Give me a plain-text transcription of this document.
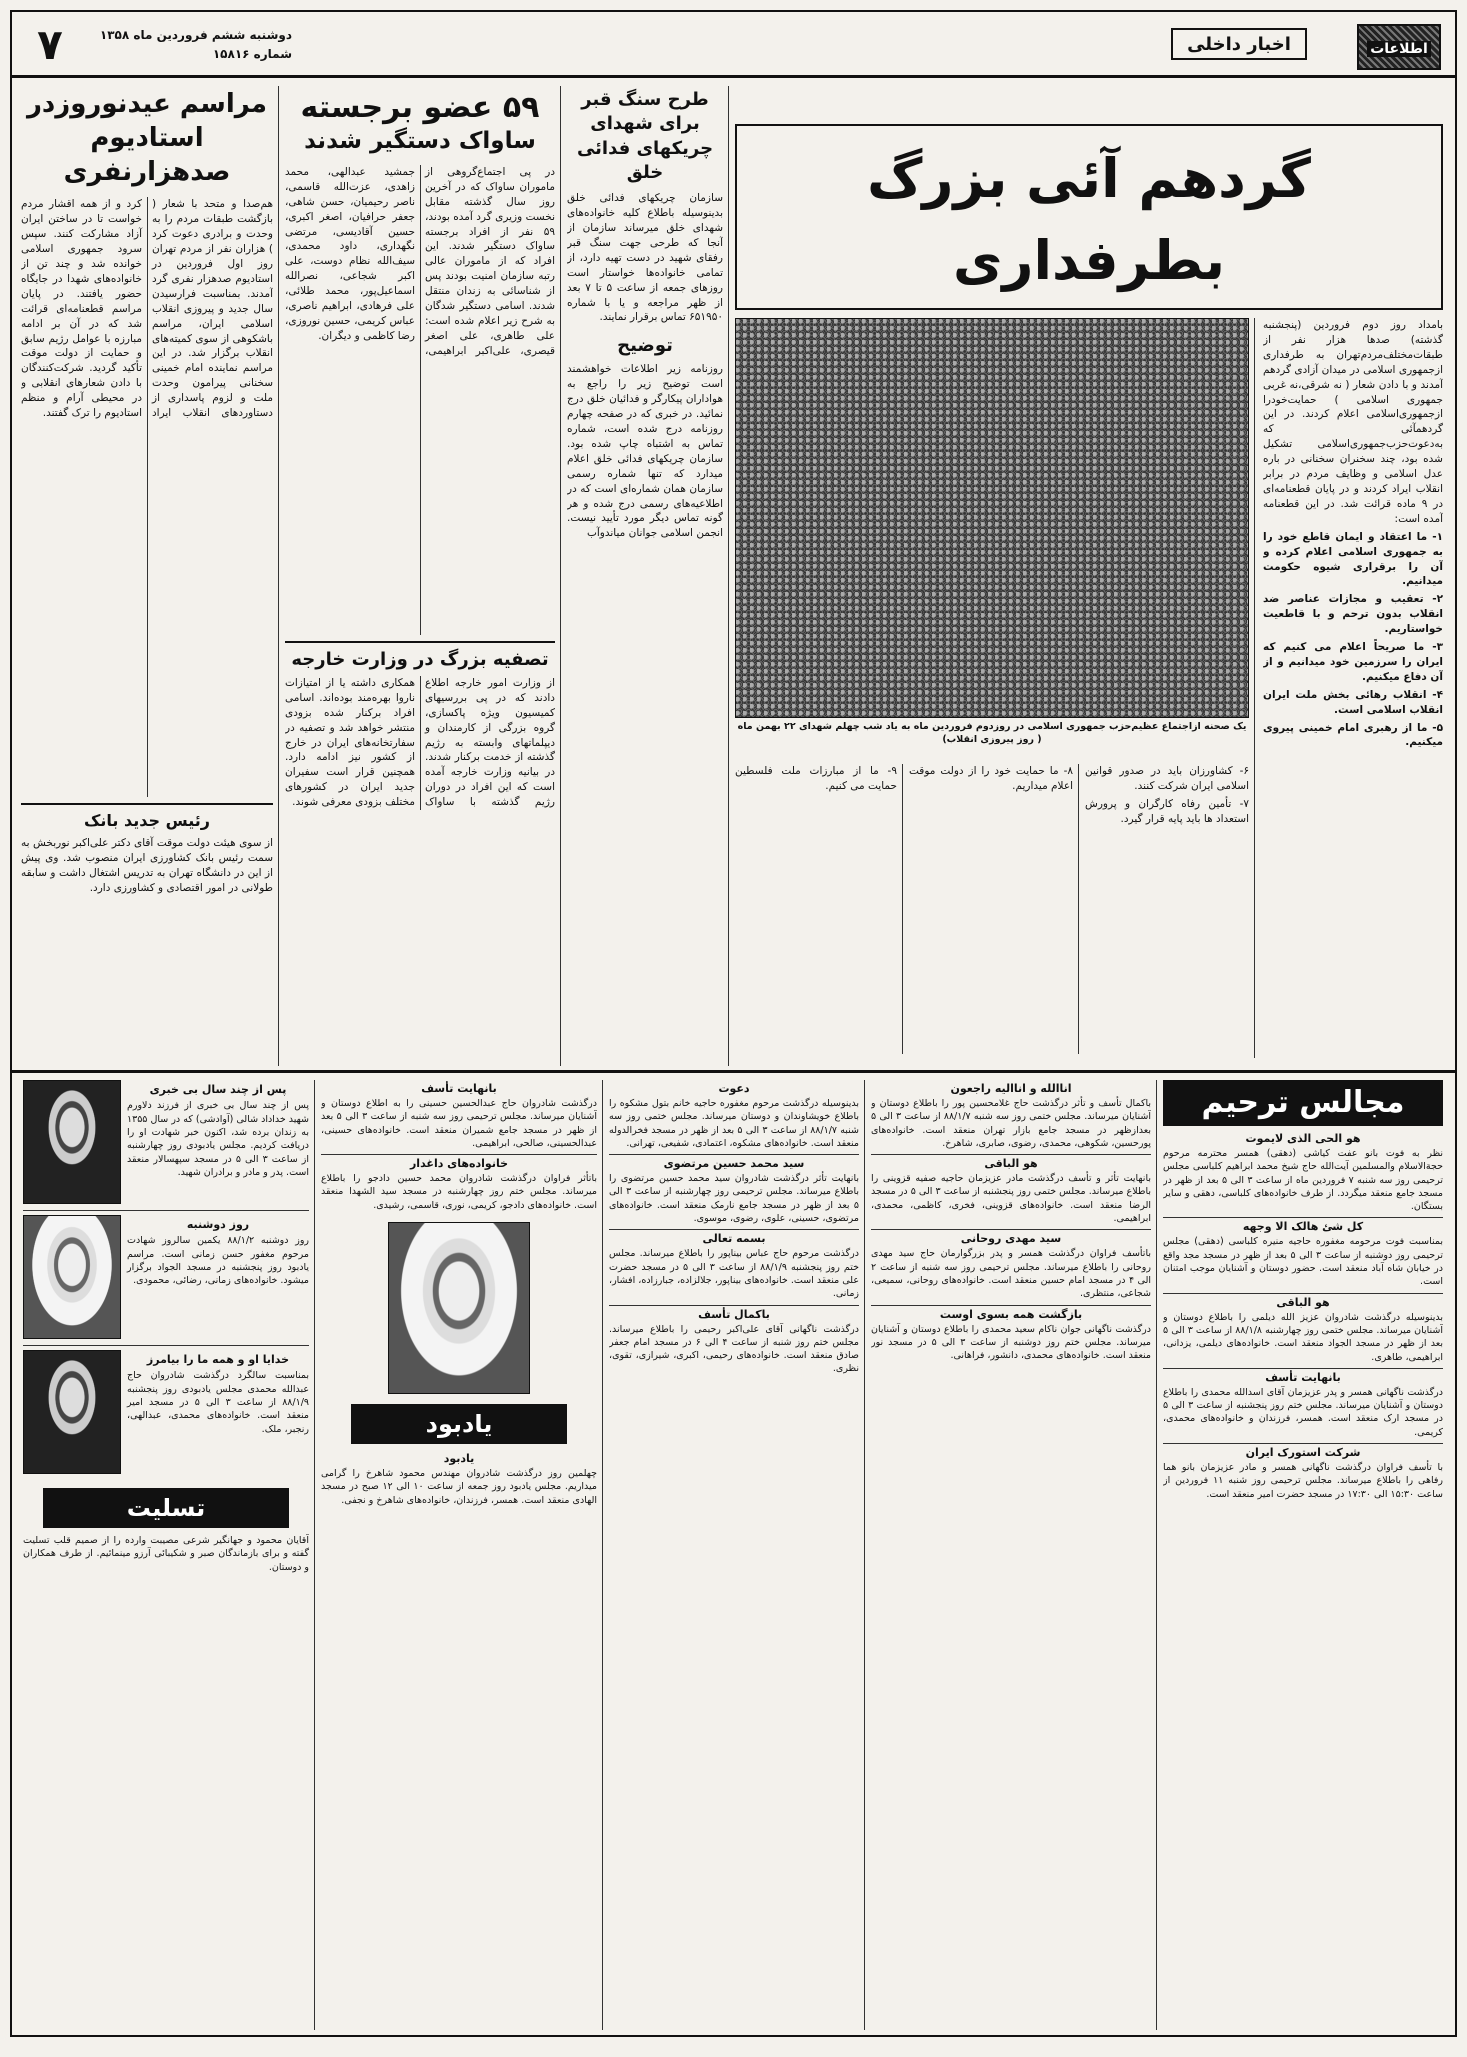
اطلاعات
اخبار داخلی
دوشنبه ششم فروردین ماه ۱۳۵۸ شماره ۱۵۸۱۶
۷
گردهم آئی بزرگ بطرفداری

بامداد روز دوم فروردین (پنجشنبه گذشته) صدها هزار نفر از طبقات‌مختلف‌مردم‌تهران به طرفداری ازجمهوری اسلامی در میدان آزادی گردهم آمدند و با دادن شعار ( نه شرقی،نه غربی جمهوری اسلامی ) حمایت‌خودرا ازجمهوری‌اسلامی اعلام کردند. در این گردهمآئی که به‌دعوت‌حزب‌جمهوری‌اسلامی تشکیل شده بود، چند سخنران سخنانی در باره عدل اسلامی و وظایف مردم در برابر انقلاب ایراد کردند و در پایان قطعنامه‌ای در ۹ ماده قرائت شد. در این قطعنامه آمده است:

۱- ما اعتقاد و ایمان قاطع خود را به جمهوری اسلامی اعلام کرده و آن را برقراری شیوه حکومت میدانیم.

۲- تعقیب و مجازات عناصر ضد انقلاب بدون ترحم و با قاطعیت خواستاریم.

۳- ما صریحاً اعلام می کنیم که ایران را سرزمین خود میدانیم و از آن دفاع میکنیم.

۴- انقلاب رهائی بخش ملت ایران انقلاب اسلامی است.

۵- ما از رهبری امام خمینی پیروی میکنیم.

یک صحنه ازاجتماع عظیم‌حزب جمهوری اسلامی در روزدوم فروردین ماه به یاد شب چهلم شهدای ۲۲ بهمن ماه ( روز پیروزی انقلاب)

۶- کشاورزان باید در صدور قوانین اسلامی ایران شرکت کنند.

۷- تأمین رفاه کارگران و پرورش استعداد ها باید پایه قرار گیرد.

۸- ما حمایت خود را از دولت موقت اعلام میداریم.

۹- ما از مبارزات ملت فلسطین حمایت می کنیم.

طرح سنگ قبر برای شهدای چریکهای فدائی خلق
سازمان چریکهای فدائی خلق بدینوسیله باطلاع کلیه خانواده‌های شهدای خلق میرساند سازمان از آنجا که طرحی جهت سنگ قبر رفقای شهید در دست تهیه دارد، از تمامی خانواده‌ها خواستار است روزهای جمعه از ساعت ۵ تا ۷ بعد از ظهر مراجعه و یا با شماره ۶۵۱۹۵۰ تماس برقرار نمایند.
توضیح
روزنامه زیر اطلاعات خواهشمند است توضیح زیر را راجع به هواداران پیکارگر و فدائیان خلق درج نمائید. در خبری که در صفحه چهارم روزنامه درج شده است، شماره تماس به اشتباه چاپ شده بود. سازمان چریکهای فدائی خلق اعلام میدارد که تنها شماره رسمی سازمان همان شماره‌ای است که در اطلاعیه‌های رسمی درج شده و هر گونه تماس دیگر مورد تأیید نیست. انجمن اسلامی جوانان میاندوآب
۵۹ عضو برجسته
ساواک دستگیر شدند
در پی اجتماع‌گروهی از ماموران ساواک که در آخرین روز سال گذشته مقابل نخست وزیری گرد آمده بودند، ۵۹ نفر از افراد برجسته ساواک دستگیر شدند. این افراد که از ماموران عالی رتبه سازمان امنیت بودند پس از شناسائی به زندان منتقل شدند. اسامی دستگیر شدگان به شرح زیر اعلام شده است: علی طاهری، علی اصغر قیصری، علی‌اکبر ابراهیمی، جمشید عبدالهی، محمد زاهدی، عزت‌الله قاسمی، ناصر رحیمیان، حسن شاهی، جعفر حرافیان، اصغر اکبری، حسین آقادیسی، مرتضی نگهداری، داود محمدی، سیف‌الله نظام دوست، علی اکبر شجاعی، نصرالله اسماعیل‌پور، محمد طلائی، علی فرهادی، ابراهیم ناصری، عباس کریمی، حسین نوروزی، رضا کاظمی و دیگران.
تصفیه بزرگ در وزارت خارجه
از وزارت امور خارجه اطلاع دادند که در پی بررسیهای کمیسیون ویژه پاکسازی، گروه بزرگی از کارمندان و دیپلماتهای وابسته به رژیم گذشته از خدمت برکنار شدند. در بیانیه وزارت خارجه آمده است که این افراد در دوران رژیم گذشته با ساواک همکاری داشته یا از امتیازات ناروا بهره‌مند بوده‌اند. اسامی افراد برکنار شده بزودی منتشر خواهد شد و تصفیه در سفارتخانه‌های ایران در خارج از کشور نیز ادامه دارد. همچنین قرار است سفیران جدید ایران در کشورهای مختلف بزودی معرفی شوند.
مراسم عیدنوروزدر
استادیوم صدهزارنفری
هم‌صدا و متحد با شعار ( بازگشت طبقات مردم را به وحدت و برادری دعوت کرد ) هزاران نفر از مردم تهران روز اول فروردین در استادیوم صدهزار نفری گرد آمدند. بمناسبت فرارسیدن سال جدید و پیروزی انقلاب اسلامی ایران، مراسم باشکوهی از سوی کمیته‌های انقلاب برگزار شد. در این مراسم نماینده امام خمینی سخنانی پیرامون وحدت ملت و لزوم پاسداری از دستاوردهای انقلاب ایراد کرد و از همه اقشار مردم خواست تا در ساختن ایران آزاد مشارکت کنند. سپس سرود جمهوری اسلامی خوانده شد و چند تن از خانواده‌های شهدا در جایگاه حضور یافتند. در پایان مراسم قطعنامه‌ای قرائت شد که در آن بر ادامه مبارزه با عوامل رژیم سابق و حمایت از دولت موقت تأکید گردید. شرکت‌کنندگان با دادن شعارهای انقلابی و در محیطی آرام و منظم استادیوم را ترک گفتند.
رئیس جدید بانک
از سوی هیئت دولت موقت آقای دکتر علی‌اکبر نوربخش به سمت رئیس بانک کشاورزی ایران منصوب شد. وی پیش از این در دانشگاه تهران به تدریس اشتغال داشت و سابقه طولانی در امور اقتصادی و کشاورزی دارد.
مجالس ترحیم
هو الحی الذی لایموت
نظر به فوت بانو عفت کیاشی (دهقی) همسر محترمه مرحوم حجةالاسلام والمسلمین آیت‌الله حاج شیخ محمد ابراهیم کلباسی مجلس ترحیمی روز سه شنبه ۷ فروردین ماه از ساعت ۳ الی ۵ بعد از ظهر در مسجد جامع منعقد میگردد. از طرف خانواده‌های کلباسی، دهقی و سایر بستگان.
کل شئ هالک الا وجهه
بمناسبت فوت مرحومه مغفوره حاجیه منیره کلباسی (دهقی) مجلس ترحیمی روز دوشنبه از ساعت ۳ الی ۵ بعد از ظهر در مسجد مجد واقع در خیابان شاه آباد منعقد است. حضور دوستان و آشنایان موجب امتنان است.
هو الباقی
بدینوسیله درگذشت شادروان عزیز الله دیلمی را باطلاع دوستان و آشنایان میرساند. مجلس ختمی روز چهارشنبه ۸۸/۱/۸ از ساعت ۳ الی ۵ بعد از ظهر در مسجد الجواد منعقد است. خانواده‌های دیلمی، یزدانی، ابراهیمی، طاهری.
بانهایت تأسف
درگذشت ناگهانی همسر و پدر عزیزمان آقای اسدالله محمدی را باطلاع دوستان و آشنایان میرساند. مجلس ختم روز پنجشنبه از ساعت ۳ الی ۵ در مسجد ارک منعقد است. همسر، فرزندان و خانواده‌های محمدی، کریمی.
شرکت استورک ایران
با تأسف فراوان درگذشت ناگهانی همسر و مادر عزیزمان بانو هما رفاهی را باطلاع میرساند. مجلس ترحیمی روز شنبه ۱۱ فروردین از ساعت ۱۵:۳۰ الی ۱۷:۳۰ در مسجد حضرت امیر منعقد است.
اناالله و اناالیه راجعون
باکمال تأسف و تأثر درگذشت حاج غلامحسین پور را باطلاع دوستان و آشنایان میرساند. مجلس ختمی روز سه شنبه ۸۸/۱/۷ از ساعت ۳ الی ۵ بعدازظهر در مسجد جامع بازار تهران منعقد است. خانواده‌های پورحسین، شکوهی، محمدی، رضوی، صابری، شاهرخ.
هو الباقی
بانهایت تأثر و تأسف درگذشت مادر عزیزمان حاجیه صفیه قزوینی را باطلاع میرساند. مجلس ختمی روز پنجشنبه از ساعت ۳ الی ۵ در مسجد الرضا منعقد است. خانواده‌های قزوینی، فخری، کاظمی، محمدی، ابراهیمی.
سید مهدی روحانی
باتأسف فراوان درگذشت همسر و پدر بزرگوارمان حاج سید مهدی روحانی را باطلاع میرساند. مجلس ترحیمی روز سه شنبه از ساعت ۲ الی ۴ در مسجد امام حسین منعقد است. خانواده‌های روحانی، سمیعی، شجاعی، منتظری.
بازگشت همه بسوی اوست
درگذشت ناگهانی جوان ناکام سعید محمدی را باطلاع دوستان و آشنایان میرساند. مجلس ختم روز دوشنبه از ساعت ۳ الی ۵ در مسجد نور منعقد است. خانواده‌های محمدی، دانشور، فراهانی.
دعوت
بدینوسیله درگذشت مرحوم مغفوره حاجیه خانم بتول مشکوه را باطلاع خویشاوندان و دوستان میرساند. مجلس ختمی روز سه شنبه ۸۸/۱/۷ از ساعت ۳ الی ۵ بعد از ظهر در مسجد فخرالدوله منعقد است. خانواده‌های مشکوه، اعتمادی، شفیعی، تهرانی.
سید محمد حسین مرتضوی
بانهایت تأثر درگذشت شادروان سید محمد حسین مرتضوی را باطلاع میرساند. مجلس ترحیمی روز چهارشنبه از ساعت ۳ الی ۵ بعد از ظهر در مسجد جامع نارمک منعقد است. خانواده‌های مرتضوی، حسینی، علوی، رضوی، موسوی.
بسمه تعالی
درگذشت مرحوم حاج عباس بیناپور را باطلاع میرساند. مجلس ختم روز پنجشنبه ۸۸/۱/۹ از ساعت ۳ الی ۵ در مسجد حضرت علی منعقد است. خانواده‌های بیناپور، جلالزاده، جبارزاده، افشار، زمانی.
باکمال تأسف
درگذشت ناگهانی آقای علی‌اکبر رحیمی را باطلاع میرساند. مجلس ختم روز شنبه از ساعت ۴ الی ۶ در مسجد امام جعفر صادق منعقد است. خانواده‌های رحیمی، اکبری، شیرازی، تقوی، نظری.
بانهایت تأسف
درگذشت شادروان حاج عبدالحسین حسینی را به اطلاع دوستان و آشنایان میرساند. مجلس ترحیمی روز سه شنبه از ساعت ۳ الی ۵ بعد از ظهر در مسجد جامع شمیران منعقد است. خانواده‌های حسینی، عبدالحسینی، صالحی، ابراهیمی.
خانواده‌های داغدار
باتأثر فراوان درگذشت شادروان محمد حسین دادجو را باطلاع میرساند. مجلس ختم روز چهارشنبه در مسجد سید الشهدا منعقد است. خانواده‌های دادجو، کریمی، نوری، قاسمی، رشیدی.
یادبود
یادبود
چهلمین روز درگذشت شادروان مهندس محمود شاهرخ را گرامی میداریم. مجلس یادبود روز جمعه از ساعت ۱۰ الی ۱۲ صبح در مسجد الهادی منعقد است. همسر، فرزندان، خانواده‌های شاهرخ و نجفی.
پس از چند سال بی خبری
پس از چند سال بی خبری از فرزند دلاورم شهید خداداد شالی (آوادشی) که در سال ۱۳۵۵ به زندان برده شد، اکنون خبر شهادت او را دریافت کردیم. مجلس یادبودی روز چهارشنبه از ساعت ۳ الی ۵ در مسجد سپهسالار منعقد است. پدر و مادر و برادران شهید.
روز دوشنبه
روز دوشنبه ۸۸/۱/۲ یکمین سالروز شهادت مرحوم مغفور حسن زمانی است. مراسم یادبود روز پنجشنبه در مسجد الجواد برگزار میشود. خانواده‌های زمانی، رضائی، محمودی.
خدایا او و همه ما را بیامرز
بمناسبت سالگرد درگذشت شادروان حاج عبدالله محمدی مجلس یادبودی روز پنجشنبه ۸۸/۱/۹ از ساعت ۳ الی ۵ در مسجد امیر منعقد است. خانواده‌های محمدی، عبدالهی، رنجبر، ملک.
تسلیت
آقایان محمود و جهانگیر شرعی مصیبت وارده را از صمیم قلب تسلیت گفته و برای بازماندگان صبر و شکیبائی آرزو مینمائیم. از طرف همکاران و دوستان.
